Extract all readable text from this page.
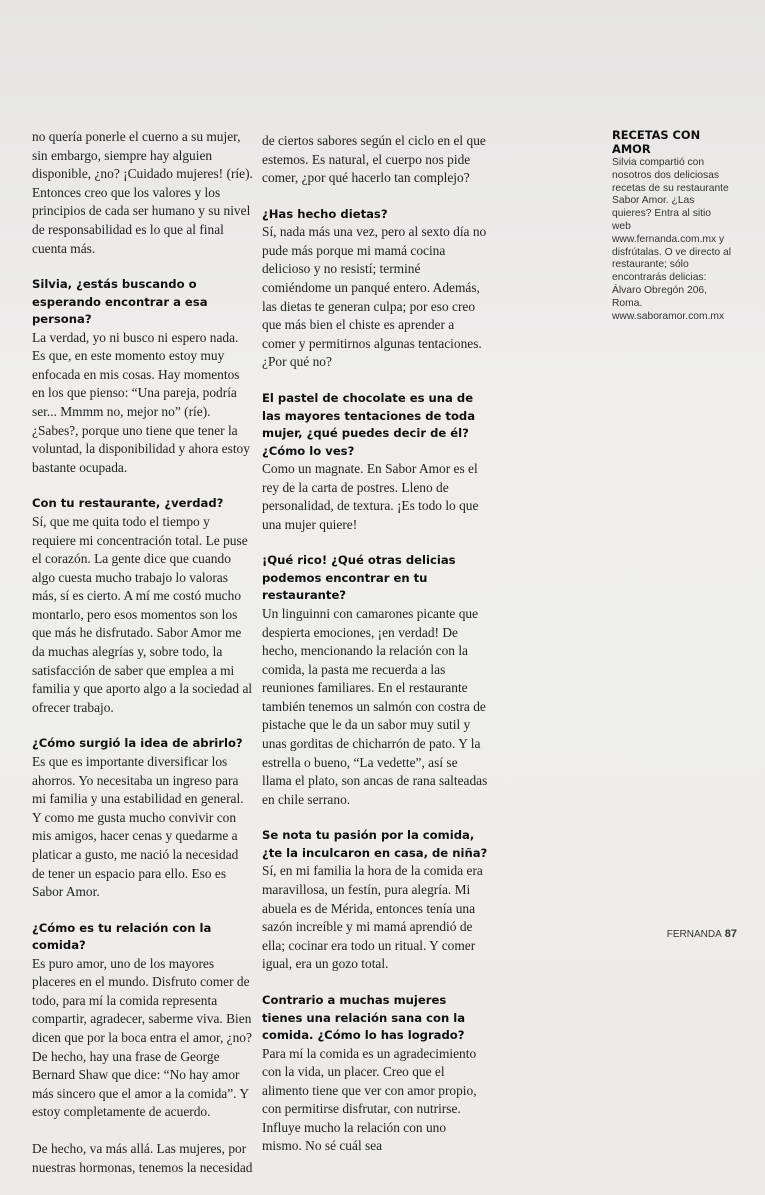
no quería ponerle el cuerno a su mujer, sin embargo, siempre hay alguien disponible, ¿no? ¡Cuidado mujeres! (ríe). Entonces creo que los valores y los principios de cada ser humano y su nivel de responsabilidad es lo que al final cuenta más.

Silvia, ¿estás buscando o esperando encontrar a esa persona?

La verdad, yo ni busco ni espero nada. Es que, en este momento estoy muy enfocada en mis cosas. Hay momentos en los que pienso: “Una pareja, podría ser... Mmmm no, mejor no” (ríe). ¿Sabes?, porque uno tiene que tener la voluntad, la disponibilidad y ahora estoy bastante ocupada.

Con tu restaurante, ¿verdad?

Sí, que me quita todo el tiempo y requiere mi concentración total. Le puse el corazón. La gente dice que cuando algo cuesta mucho trabajo lo valoras más, sí es cierto. A mí me costó mucho montarlo, pero esos momentos son los que más he disfrutado. Sabor Amor me da muchas alegrías y, sobre todo, la satisfacción de saber que emplea a mi familia y que aporto algo a la sociedad al ofrecer trabajo.

¿Cómo surgió la idea de abrirlo?

Es que es importante diversificar los ahorros. Yo necesitaba un ingreso para mi familia y una estabilidad en general. Y como me gusta mucho convivir con mis amigos, hacer cenas y quedarme a platicar a gusto, me nació la necesidad de tener un espacio para ello. Eso es Sabor Amor.

¿Cómo es tu relación con la comida?

Es puro amor, uno de los mayores placeres en el mundo. Disfruto comer de todo, para mí la comida representa compartir, agradecer, saberme viva. Bien dicen que por la boca entra el amor, ¿no? De hecho, hay una frase de George Bernard Shaw que dice: “No hay amor más sincero que el amor a la comida”. Y estoy completamente de acuerdo.

De hecho, va más allá. Las mujeres, por nuestras hormonas, tenemos la necesidad

de ciertos sabores según el ciclo en el que estemos. Es natural, el cuerpo nos pide comer, ¿por qué hacerlo tan complejo?

¿Has hecho dietas?

Sí, nada más una vez, pero al sexto día no pude más porque mi mamá cocina delicioso y no resistí; terminé comiéndome un panqué entero. Además, las dietas te generan culpa; por eso creo que más bien el chiste es aprender a comer y permitirnos algunas tentaciones. ¿Por qué no?

El pastel de chocolate es una de las mayores tentaciones de toda mujer, ¿qué puedes decir de él? ¿Cómo lo ves?

Como un magnate. En Sabor Amor es el rey de la carta de postres. Lleno de personalidad, de textura. ¡Es todo lo que una mujer quiere!

¡Qué rico! ¿Qué otras delicias podemos encontrar en tu restaurante?

Un linguinni con camarones picante que despierta emociones, ¡en verdad! De hecho, mencionando la relación con la comida, la pasta me recuerda a las reuniones familiares. En el restaurante también tenemos un salmón con costra de pistache que le da un sabor muy sutil y unas gorditas de chicharrón de pato. Y la estrella o bueno, “La vedette”, así se llama el plato, son ancas de rana salteadas en chile serrano.

Se nota tu pasión por la comida, ¿te la inculcaron en casa, de niña?

Sí, en mi familia la hora de la comida era maravillosa, un festín, pura alegría. Mi abuela es de Mérida, entonces tenía una sazón increíble y mi mamá aprendió de ella; cocinar era todo un ritual. Y comer igual, era un gozo total.

Contrario a muchas mujeres tienes una relación sana con la comida. ¿Cómo lo has logrado?

Para mí la comida es un agradecimiento con la vida, un placer. Creo que el alimento tiene que ver con amor propio, con permitirse disfrutar, con nutrirse. Influye mucho la relación con uno mismo. No sé cuál sea

RECETAS CON AMOR

Silvia compartió con nosotros dos deliciosas recetas de su restaurante Sabor Amor. ¿Las quieres? Entra al sitio web www.fernanda.com.mx y disfrútalas. O ve directo al restaurante; sólo encontrarás delicias: Álvaro Obregón 206, Roma. www.saboramor.com.mx

FERNANDA 87
